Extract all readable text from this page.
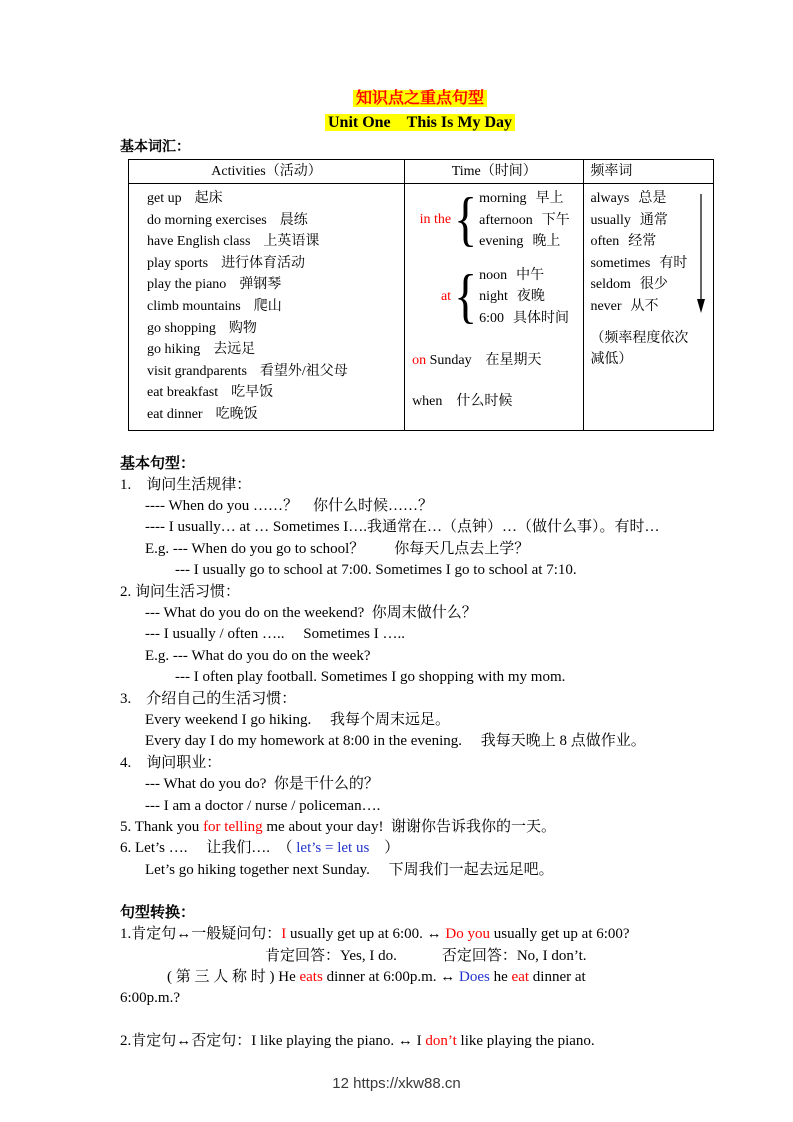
知识点之重点句型
Unit One　This Is My Day
基本词汇：
Activities（活动）	Time（时间）	频率词
get up 起床
do morning exercises 晨练
have English class 上英语课
play sports 进行体育活动
play the piano 弹钢琴
climb mountains 爬山
go shopping 购物
go hiking 去远足
visit grandparents 看望外/祖父母
eat breakfast 吃早饭
eat dinner 吃晚饭
in the { morning 早上
afternoon 下午
evening 晚上
at { noon 中午
night 夜晚
6:00 具体时间
on Sunday　在星期天
when　什么时候
always 总是
usually 通常
often 经常
sometimes 有时
seldom 很少
never 从不
（频率程度依次减低）
基本句型：
1.　询问生活规律：
---- When do you ……？　你什么时候……？
---- I usually… at … Sometimes I….我通常在…（点钟）…（做什么事）。有时…
E.g. --- When do you go to school？　　你每天几点去上学？
--- I usually go to school at 7:00. Sometimes I go to school at 7:10.
2. 询问生活习惯：
--- What do you do on the weekend?  你周末做什么？
--- I usually / often …..　 Sometimes I …..
E.g. --- What do you do on the week?
--- I often play football. Sometimes I go shopping with my mom.
3.　介绍自己的生活习惯：
Every weekend I go hiking.　 我每个周末远足。
Every day I do my homework at 8:00 in the evening.　 我每天晚上 8 点做作业。
4.　询问职业：
--- What do you do?  你是干什么的？
--- I am a doctor / nurse / policeman….
5. Thank you for telling me about your day!  谢谢你告诉我你的一天。
6. Let’s ….　 让我们….　（ let’s = let us　）
Let’s go hiking together next Sunday.　 下周我们一起去远足吧。
句型转换：
1.肯定句↔一般疑问句：I usually get up at 6:00. ↔ Do you usually get up at 6:00?
肯定回答：Yes, I do.　　　否定回答：No, I don’t.
( 第 三 人 称 时 ) He eats dinner at 6:00p.m. ↔ Does he eat dinner at
6:00p.m.?
2.肯定句↔否定句：I like playing the piano. ↔ I don’t like playing the piano.
12 https://xkw88.cn
